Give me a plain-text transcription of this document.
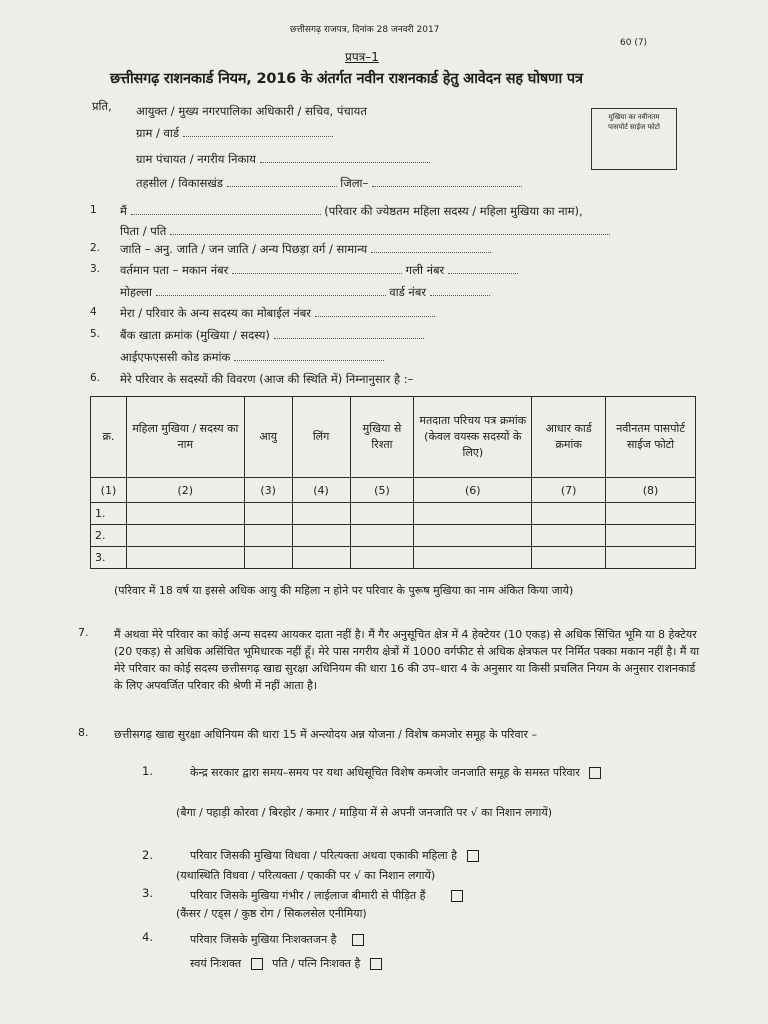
छत्तीसगढ़ राजपत्र, दिनांक 28 जनवरी 2017
60 (7)
प्रपत्र–1
छत्तीसगढ़ राशनकार्ड नियम, 2016 के अंतर्गत नवीन राशनकार्ड हेतु आवेदन सह घोषणा पत्र
प्रति, आयुक्त / मुख्य नगरपालिका अधिकारी / सचिव, पंचायत
ग्राम / वार्ड
ग्राम पंचायत / नगरीय निकाय
तहसील / विकासखंड	जिला–
मुखिया का नवीनतम पासपोर्ट साईज फोटो
1 मैं	(परिवार की ज्येष्ठतम महिला सदस्य / महिला मुखिया का नाम),
पिता / पति
2. जाति – अनु. जाति / जन जाति / अन्य पिछड़ा वर्ग / सामान्य
3. वर्तमान पता – मकान नंबर	गली नंबर
मोहल्ला	वार्ड नंबर
4 मेरा / परिवार के अन्य सदस्य का मोबाईल नंबर
5. बैंक खाता क्रमांक (मुखिया / सदस्य)
आईएफएससी कोड क्रमांक
6. मेरे परिवार के सदस्यों की विवरण (आज की स्थिति में) निम्नानुसार है :–
क्र.	महिला मुखिया / सदस्य का नाम	आयु	लिंग	मुखिया से रिश्ता	मतदाता परिचय पत्र क्रमांक (केवल वयस्क सदस्यों के लिए)	आधार कार्ड क्रमांक	नवीनतम पासपोर्ट साईज फोटो
(1)	(2)	(3)	(4)	(5)	(6)	(7)	(8)
1.							
2.							
3.							
(परिवार में 18 वर्ष या इससे अधिक आयु की महिला न होने पर परिवार के पुरूष मुखिया का नाम अंकित किया जाये)
7. मैं अथवा मेरे परिवार का कोई अन्य सदस्य आयकर दाता नहीं है। मैं गैर अनुसूचित क्षेत्र में 4 हेक्टेयर (10 एकड़) से अधिक सिंचित भूमि या 8 हेक्टेयर (20 एकड़) से अधिक असिंचित भूमिधारक नहीं हूँ। मेरे पास नगरीय क्षेत्रों में 1000 वर्गफीट से अधिक क्षेत्रफल पर निर्मित पक्का मकान नहीं है। मैं या मेरे परिवार का कोई सदस्य छत्तीसगढ़ खाद्य सुरक्षा अधिनियम की धारा 16 की उप–धारा 4 के अनुसार या किसी प्रचलित नियम के अनुसार राशनकार्ड के लिए अपवर्जित परिवार की श्रेणी में नहीं आता है।
8. छत्तीसगढ़ खाद्य सुरक्षा अधिनियम की धारा 15 में अन्त्योदय अन्न योजना / विशेष कमजोर समूह के परिवार –
1.	केन्द्र सरकार द्वारा समय–समय पर यथा अधिसूचित विशेष कमजोर जनजाति समूह के समस्त परिवार
(बैगा / पहाड़ी कोरवा / बिरहोर / कमार / माड़िया में से अपनी जनजाति पर √ का निशान लगायें)
2.	परिवार जिसकी मुखिया विधवा / परित्यक्ता अथवा एकाकी महिला है
(यथास्थिति विधवा / परित्यक्ता / एकाकी पर √ का निशान लगायें)
3.	परिवार जिसके मुखिया गंभीर / लाईलाज बीमारी से पीड़ित हैं
(कैंसर / एड्स / कुष्ठ रोग / सिकलसेल एनीमिया)
4.	परिवार जिसके मुखिया निःशक्तजन है
स्वयं निःशक्त	पति / पत्नि निःशक्त है
